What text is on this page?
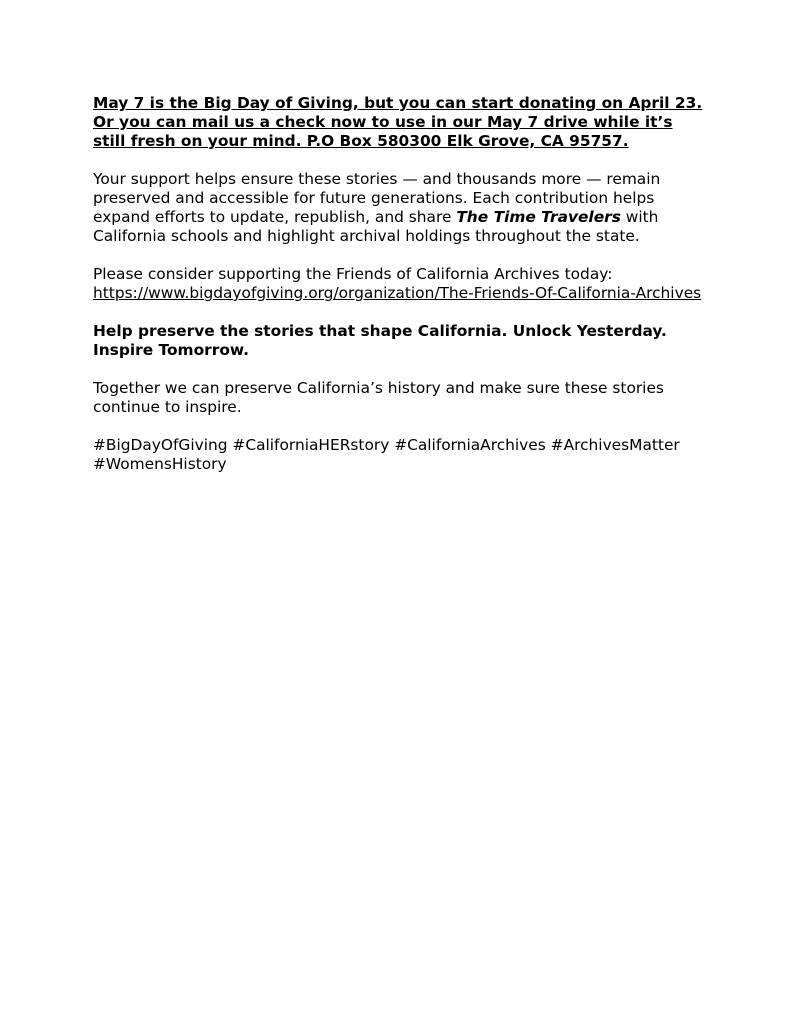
May 7 is the Big Day of Giving, but you can start donating on April 23. Or you can mail us a check now to use in our May 7 drive while it’s still fresh on your mind. P.O Box 580300 Elk Grove, CA 95757.

Your support helps ensure these stories — and thousands more — remain preserved and accessible for future generations. Each contribution helps expand efforts to update, republish, and share The Time Travelers with California schools and highlight archival holdings throughout the state.

Please consider supporting the Friends of California Archives today:
https://www.bigdayofgiving.org/organization/The-Friends-Of-California-Archives

Help preserve the stories that shape California. Unlock Yesterday. Inspire Tomorrow.

Together we can preserve California’s history and make sure these stories continue to inspire.

#BigDayOfGiving #CaliforniaHERstory #CaliforniaArchives #ArchivesMatter #WomensHistory
